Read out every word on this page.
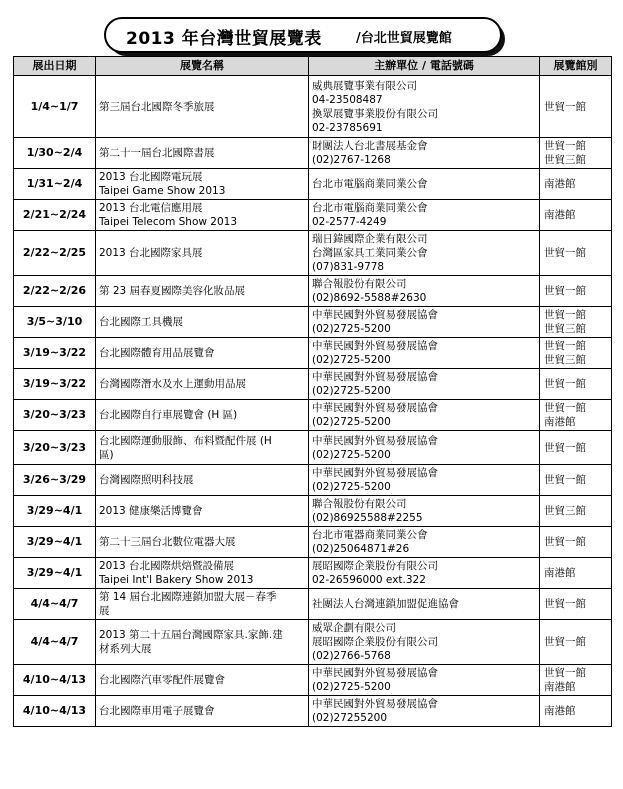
2013 年台灣世貿展覽表	/台北世貿展覽館
展出日期	展覽名稱	主辦單位 / 電話號碼	展覽館別
1/4~1/7	第三屆台北國際冬季旅展	威典展覽事業有限公司
04-23508487
換眾展覽事業股份有限公司
02-23785691	世貿一館

1/30~2/4	第二十一屆台北國際書展	財團法人台北書展基金會
(02)2767-1268	世貿一館
世貿三館

1/31~2/4	2013 台北國際電玩展
Taipei Game Show 2013	台北市電腦商業同業公會	南港館

2/21~2/24	2013 台北電信應用展
Taipei Telecom Show 2013	台北市電腦商業同業公會
02-2577-4249	南港館

2/22~2/25	2013 台北國際家具展	瑞日鍏國際企業有限公司
台灣區家具工業同業公會
(07)831-9778	世貿一館

2/22~2/26	第 23 屆春夏國際美容化妝品展	聯合報股份有限公司
(02)8692-5588#2630	世貿一館

3/5~3/10	台北國際工具機展	中華民國對外貿易發展協會
(02)2725-5200	世貿一館
世貿三館

3/19~3/22	台北國際體育用品展覽會	中華民國對外貿易發展協會
(02)2725-5200	世貿一館
世貿三館

3/19~3/22	台灣國際潛水及水上運動用品展	中華民國對外貿易發展協會
(02)2725-5200	世貿一館

3/20~3/23	台北國際自行車展覽會 (H 區)	中華民國對外貿易發展協會
(02)2725-5200	世貿一館
南港館

3/20~3/23	台北國際運動服飾、布料暨配件展 (H
區)	中華民國對外貿易發展協會
(02)2725-5200	世貿一館

3/26~3/29	台灣國際照明科技展	中華民國對外貿易發展協會
(02)2725-5200	世貿一館

3/29~4/1	2013 健康樂活博覽會	聯合報股份有限公司
(02)86925588#2255	世貿三館

3/29~4/1	第二十三屆台北數位電器大展	台北市電器商業同業公會
(02)25064871#26	世貿一館

3/29~4/1	2013 台北國際烘焙暨設備展
Taipei Int'l Bakery Show 2013	展昭國際企業股份有限公司
02-26596000 ext.322	南港館

4/4~4/7	第 14 屆台北國際連鎖加盟大展－春季
展	社團法人台灣連鎖加盟促進協會	世貿一館

4/4~4/7	2013 第二十五屆台灣國際家具.家飾.建
材系列大展	威眾企劃有限公司
展昭國際企業股份有限公司
(02)2766-5768	世貿一館

4/10~4/13	台北國際汽車零配件展覽會	中華民國對外貿易發展協會
(02)2725-5200	世貿一館
南港館

4/10~4/13	台北國際車用電子展覽會	中華民國對外貿易發展協會
(02)27255200	南港館
